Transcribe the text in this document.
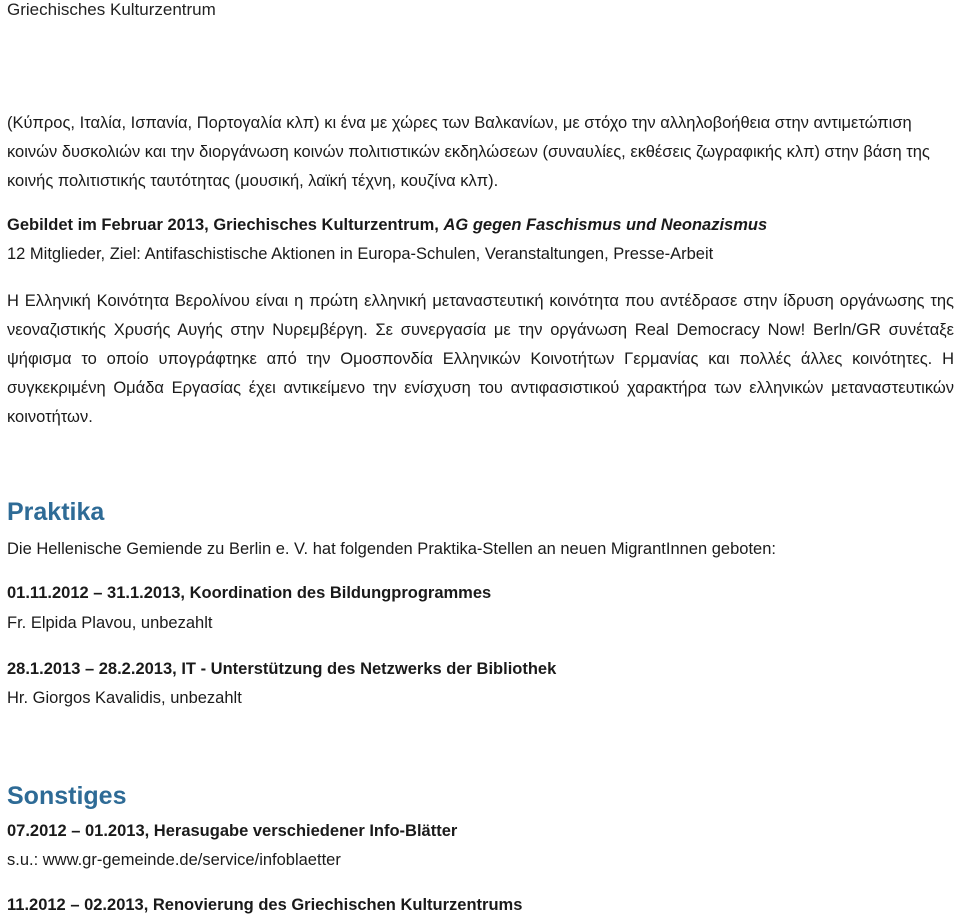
Griechisches Kulturzentrum

(Κύπρος, Ιταλία, Ισπανία, Πορτογαλία κλπ) κι ένα με χώρες των Βαλκανίων, με στόχο την αλληλοβοήθεια στην αντιμετώπιση κοινών δυσκολιών και την διοργάνωση κοινών πολιτιστικών εκδηλώσεων (συναυλίες, εκθέσεις ζωγραφικής κλπ) στην βάση της κοινής πολιτιστικής ταυτότητας (μουσική, λαϊκή τέχνη, κουζίνα κλπ).

Gebildet im Februar 2013, Griechisches Kulturzentrum, AG gegen Faschismus und Neonazismus

12 Mitglieder, Ziel: Antifaschistische Aktionen in Europa-Schulen, Veranstaltungen, Presse-Arbeit

Η Ελληνική Κοινότητα Βερολίνου είναι η πρώτη ελληνική μεταναστευτική κοινότητα που αντέδρασε στην ίδρυση οργάνωσης της νεοναζιστικής Χρυσής Αυγής στην Νυρεμβέργη. Σε συνεργασία με την οργάνωση Real Democracy Now! Berln/GR συνέταξε ψήφισμα το οποίο υπογράφτηκε από την Ομοσπονδία Ελληνικών Κοινοτήτων Γερμανίας και πολλές άλλες κοινότητες. Η συγκεκριμένη Ομάδα Εργασίας έχει αντικείμενο την ενίσχυση του αντιφασιστικού χαρακτήρα των ελληνικών μεταναστευτικών κοινοτήτων.

Praktika

Die Hellenische Gemiende zu Berlin e. V. hat folgenden Praktika-Stellen an neuen MigrantInnen geboten:

01.11.2012 – 31.1.2013, Koordination des Bildungprogrammes

Fr. Elpida Plavou, unbezahlt

28.1.2013 – 28.2.2013, IT - Unterstützung des Netzwerks der Bibliothek

Hr. Giorgos Kavalidis, unbezahlt

Sonstiges

07.2012 – 01.2013, Herasugabe verschiedener Info-Blätter

s.u.: www.gr-gemeinde.de/service/infoblaetter

11.2012 – 02.2013, Renovierung des Griechischen Kulturzentrums
